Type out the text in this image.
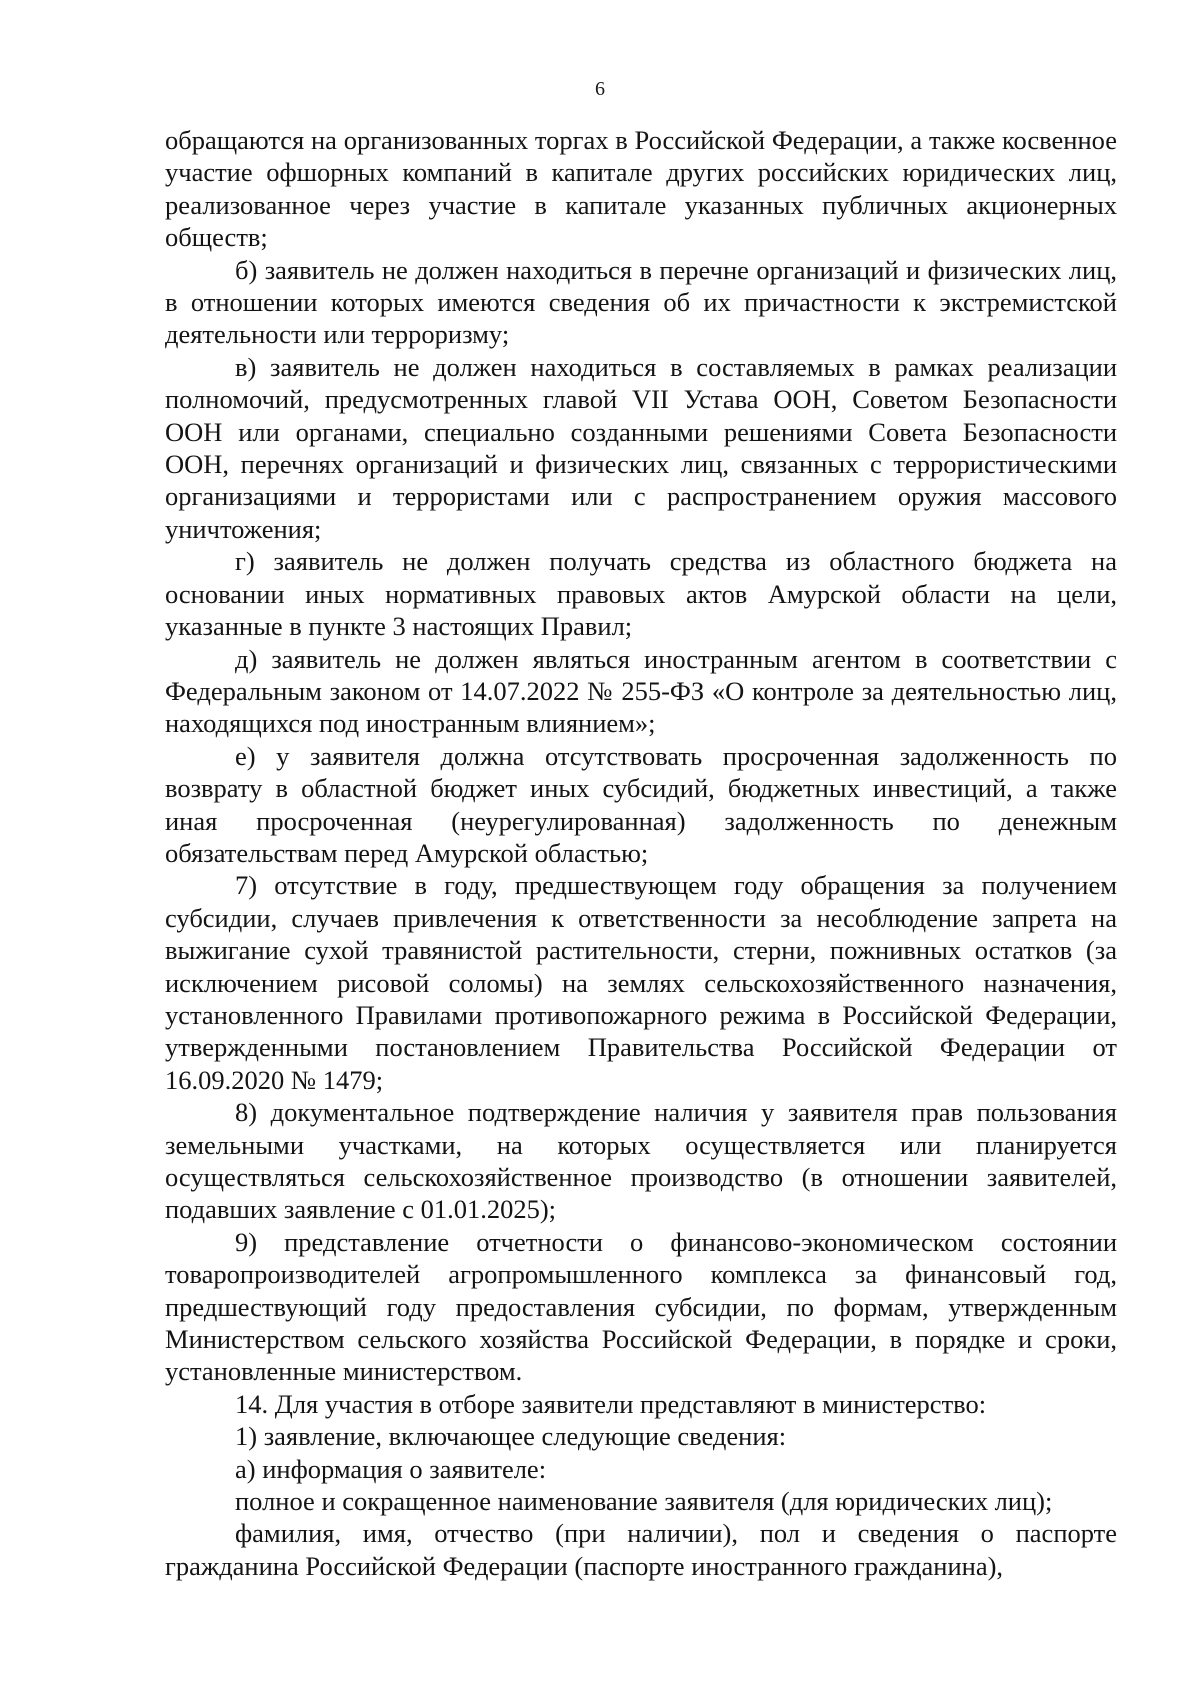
6

обращаются на организованных торгах в Российской Федерации, а также косвенное участие офшорных компаний в капитале других российских юридических лиц, реализованное через участие в капитале указанных публичных акционерных обществ;

б) заявитель не должен находиться в перечне организаций и физических лиц, в отношении которых имеются сведения об их причастности к экстремистской деятельности или терроризму;

в) заявитель не должен находиться в составляемых в рамках реализации полномочий, предусмотренных главой VII Устава ООН, Советом Безопасности ООН или органами, специально созданными решениями Совета Безопасности ООН, перечнях организаций и физических лиц, связанных с террористическими организациями и террористами или с распространением оружия массового уничтожения;

г) заявитель не должен получать средства из областного бюджета на основании иных нормативных правовых актов Амурской области на цели, указанные в пункте 3 настоящих Правил;

д) заявитель не должен являться иностранным агентом в соответствии с Федеральным законом от 14.07.2022 № 255-ФЗ «О контроле за деятельностью лиц, находящихся под иностранным влиянием»;

е) у заявителя должна отсутствовать просроченная задолженность по возврату в областной бюджет иных субсидий, бюджетных инвестиций, а также иная просроченная (неурегулированная) задолженность по денежным обязательствам перед Амурской областью;

7) отсутствие в году, предшествующем году обращения за получением субсидии, случаев привлечения к ответственности за несоблюдение запрета на выжигание сухой травянистой растительности, стерни, пожнивных остатков (за исключением рисовой соломы) на землях сельскохозяйственного назначения, установленного Правилами противопожарного режима в Российской Федерации, утвержденными постановлением Правительства Российской Федерации от 16.09.2020 № 1479;

8) документальное подтверждение наличия у заявителя прав пользования земельными участками, на которых осуществляется или планируется осуществляться сельскохозяйственное производство (в отношении заявителей, подавших заявление с 01.01.2025);

9) представление отчетности о финансово-экономическом состоянии товаропроизводителей агропромышленного комплекса за финансовый год, предшествующий году предоставления субсидии, по формам, утвержденным Министерством сельского хозяйства Российской Федерации, в порядке и сроки, установленные министерством.

14. Для участия в отборе заявители представляют в министерство:

1) заявление, включающее следующие сведения:

а) информация о заявителе:

полное и сокращенное наименование заявителя (для юридических лиц);

фамилия, имя, отчество (при наличии), пол и сведения о паспорте гражданина Российской Федерации (паспорте иностранного гражданина),
